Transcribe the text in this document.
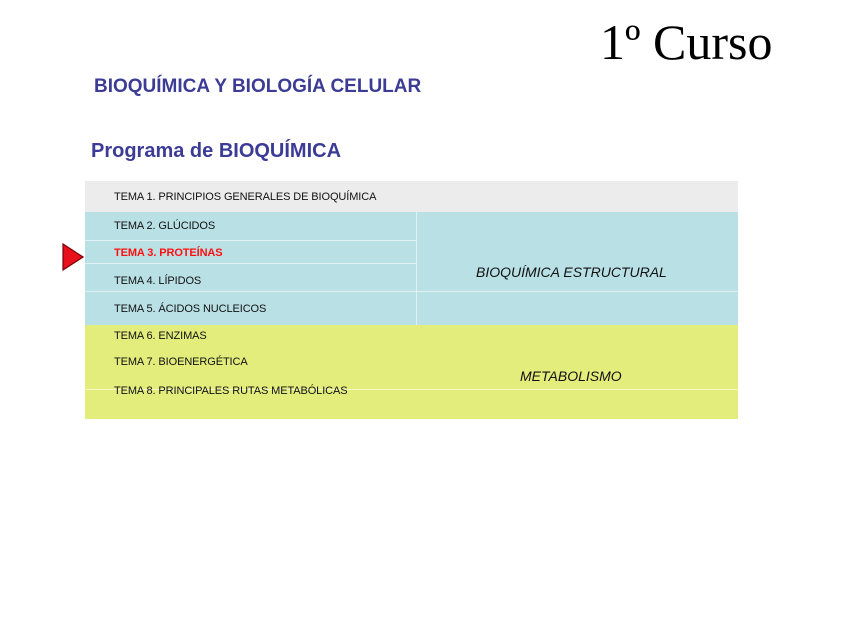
1º Curso
BIOQUÍMICA Y BIOLOGÍA CELULAR
Programa de BIOQUÍMICA
TEMA 1. PRINCIPIOS GENERALES DE BIOQUÍMICA
TEMA 2. GLÚCIDOS
TEMA 3. PROTEÍNAS
TEMA 4. LÍPIDOS
TEMA 5. ÁCIDOS NUCLEICOS
TEMA 6. ENZIMAS
TEMA 7. BIOENERGÉTICA
TEMA 8. PRINCIPALES RUTAS METABÓLICAS
BIOQUÍMICA ESTRUCTURAL
METABOLISMO
